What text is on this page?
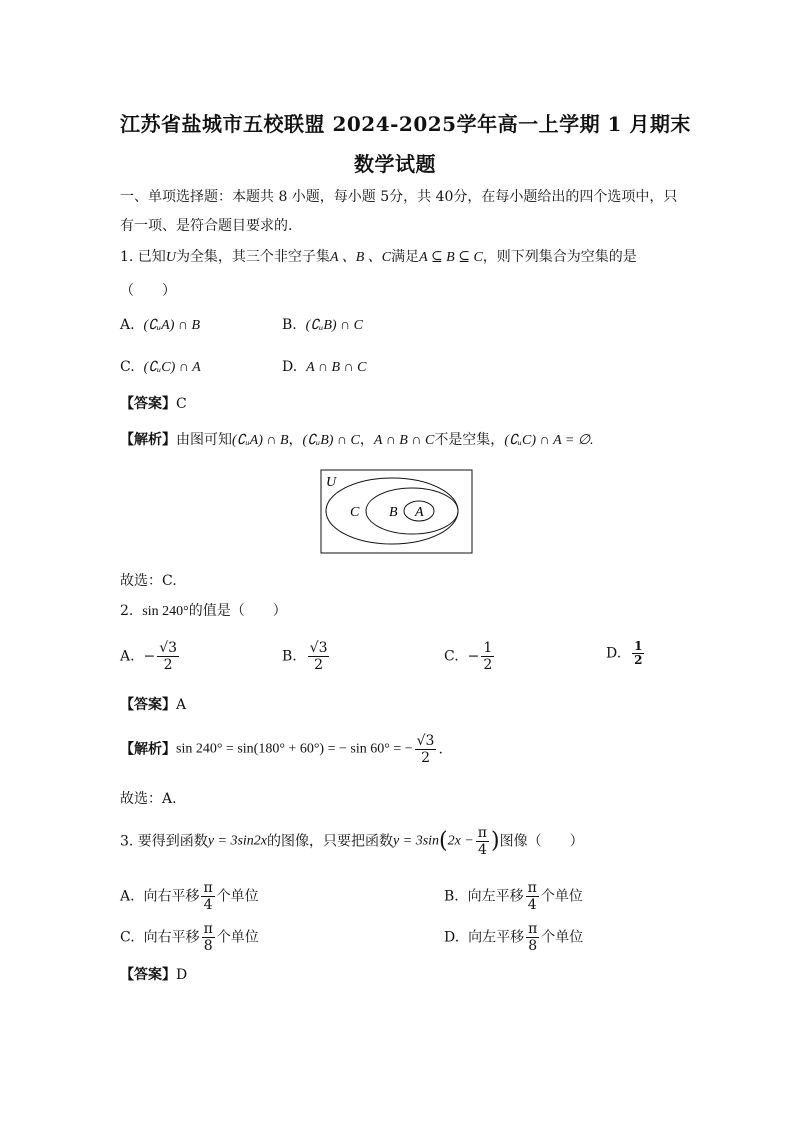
江苏省盐城市五校联盟 2024-2025学年高一上学期 1 月期末
数学试题
一、单项选择题：本题共 8 小题，每小题 5分，共 40分，在每小题给出的四个选项中，只
有一项、是符合题目要求的.
1. 已知U为全集，其三个非空子集A 、B 、C满足A ⊆ B ⊆ C，则下列集合为空集的是
（　　）
A. (∁ᵤA) ∩ B	B. (∁ᵤB) ∩ C
C. (∁ᵤC) ∩ A	D. A ∩ B ∩ C
【答案】C
【解析】由图可知(∁ᵤA) ∩ B，(∁ᵤB) ∩ C，A ∩ B ∩ C不是空集，(∁ᵤC) ∩ A = ∅.
U
C B A
故选：C.
2. sin 240°的值是（　　）
A. − $\frac{√3}{2}$	B. $\frac{√3}{2}$	C. − $\frac{1}{2}$	D. $\frac{1}{2}$
【答案】A
【解析】sin 240° = sin(180° + 60°) = − sin 60° = − $\frac{√3}{2}$ .
故选：A.
3. 要得到函数y = 3sin2x的图像，只要把函数$y = 3\sin(2x - \frac{\pi}{4}$ )图像（　　）
A. 向右平移 $\frac{\pi}{4}$ 个单位	B. 向左平移 $\frac{\pi}{4}$ 个单位
C. 向右平移 $\frac{\pi}{8}$ 个单位	D. 向左平移 $\frac{\pi}{8}$ 个单位
【答案】D
